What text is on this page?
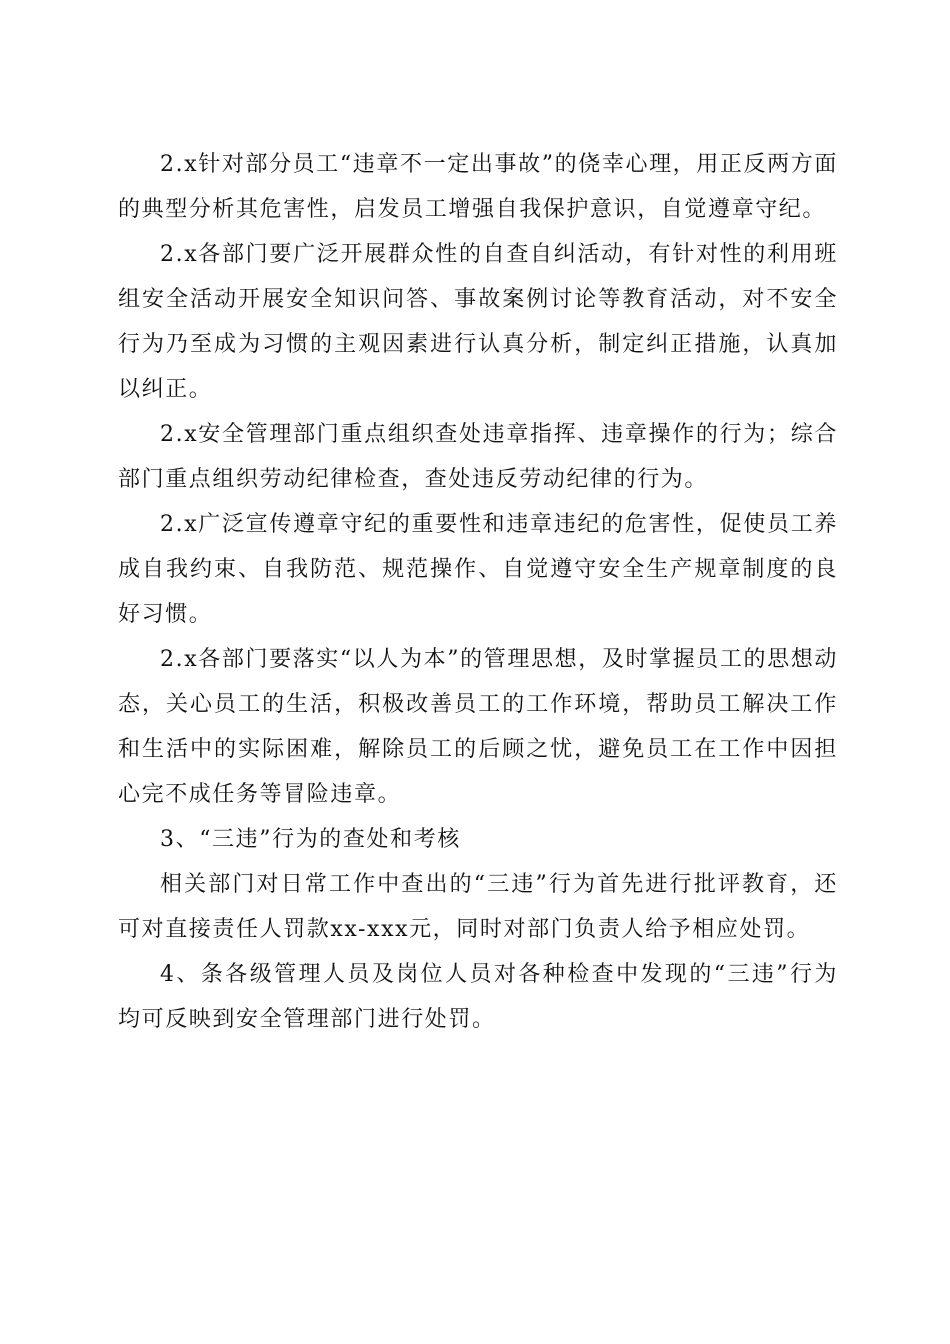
2.x针对部分员工“违章不一定出事故”的侥幸心理，用正反两方面的典型分析其危害性，启发员工增强自我保护意识，自觉遵章守纪。

2.x各部门要广泛开展群众性的自查自纠活动，有针对性的利用班组安全活动开展安全知识问答、事故案例讨论等教育活动，对不安全行为乃至成为习惯的主观因素进行认真分析，制定纠正措施，认真加以纠正。

2.x安全管理部门重点组织查处违章指挥、违章操作的行为；综合部门重点组织劳动纪律检查，查处违反劳动纪律的行为。

2.x广泛宣传遵章守纪的重要性和违章违纪的危害性，促使员工养成自我约束、自我防范、规范操作、自觉遵守安全生产规章制度的良好习惯。

2.x各部门要落实“以人为本”的管理思想，及时掌握员工的思想动态，关心员工的生活，积极改善员工的工作环境，帮助员工解决工作和生活中的实际困难，解除员工的后顾之忧，避免员工在工作中因担心完不成任务等冒险违章。

3、“三违”行为的查处和考核

相关部门对日常工作中查出的“三违”行为首先进行批评教育，还可对直接责任人罚款xx-xxx元，同时对部门负责人给予相应处罚。

4、条各级管理人员及岗位人员对各种检查中发现的“三违”行为均可反映到安全管理部门进行处罚。
